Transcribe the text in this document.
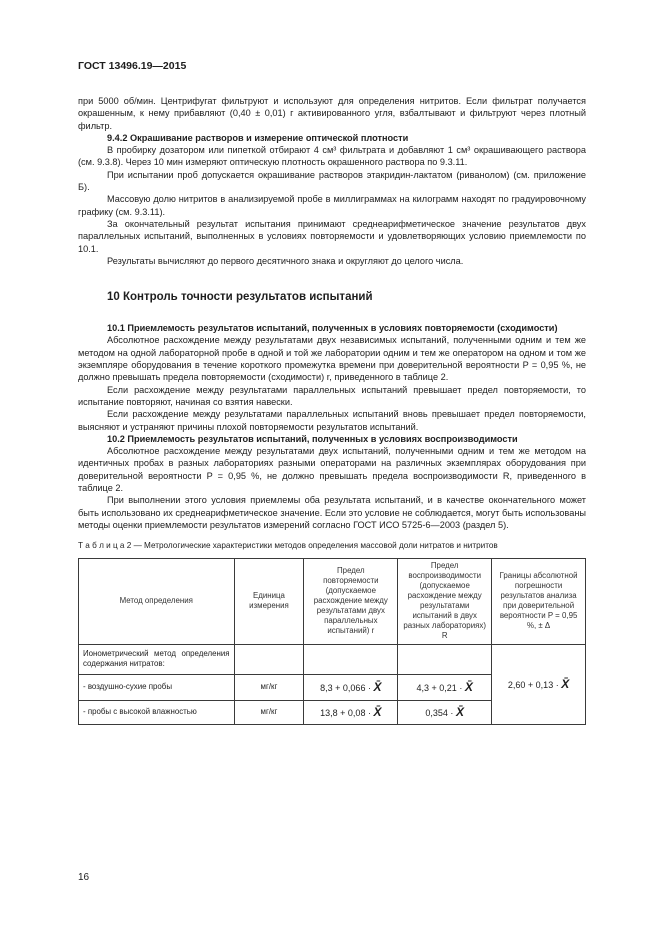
ГОСТ 13496.19—2015

при 5000 об/мин. Центрифугат фильтруют и используют для определения нитритов. Если фильтрат получается окрашенным, к нему прибавляют (0,40 ± 0,01) г активированного угля, взбалтывают и фильтруют через плотный фильтр.

9.4.2 Окрашивание растворов и измерение оптической плотности

В пробирку дозатором или пипеткой отбирают 4 см³ фильтрата и добавляют 1 см³ окрашивающего раствора (см. 9.3.8). Через 10 мин измеряют оптическую плотность окрашенного раствора по 9.3.11.

При испытании проб допускается окрашивание растворов этакридин-лактатом (риванолом) (см. приложение Б).

Массовую долю нитритов в анализируемой пробе в миллиграммах на килограмм находят по градуировочному графику (см. 9.3.11).

За окончательный результат испытания принимают среднеарифметическое значение результатов двух параллельных испытаний, выполненных в условиях повторяемости и удовлетворяющих условию приемлемости по 10.1.

Результаты вычисляют до первого десятичного знака и округляют до целого числа.

10 Контроль точности результатов испытаний

10.1 Приемлемость результатов испытаний, полученных в условиях повторяемости (сходимости)

Абсолютное расхождение между результатами двух независимых испытаний, полученными одним и тем же методом на одной лабораторной пробе в одной и той же лаборатории одним и тем же оператором на одном и том же экземпляре оборудования в течение короткого промежутка времени при доверительной вероятности P = 0,95 %, не должно превышать предела повторяемости (сходимости) r, приведенного в таблице 2.

Если расхождение между результатами параллельных испытаний превышает предел повторяемости, то испытание повторяют, начиная со взятия навески.

Если расхождение между результатами параллельных испытаний вновь превышает предел повторяемости, выясняют и устраняют причины плохой повторяемости результатов испытаний.

10.2 Приемлемость результатов испытаний, полученных в условиях воспроизводимости

Абсолютное расхождение между результатами двух испытаний, полученными одним и тем же методом на идентичных пробах в разных лабораториях разными операторами на различных экземплярах оборудования при доверительной вероятности P = 0,95 %, не должно превышать предела воспроизводимости R, приведенного в таблице 2.

При выполнении этого условия приемлемы оба результата испытаний, и в качестве окончательного может быть использовано их среднеарифметическое значение. Если это условие не соблюдается, могут быть использованы методы оценки приемлемости результатов измерений согласно ГОСТ ИСО 5725-6—2003 (раздел 5).

Т а б л и ц а 2 — Метрологические характеристики методов определения массовой доли нитратов и нитритов
Метод определения	Единица измерения	Предел повторяемости (допускаемое расхождение между результатами двух параллельных испытаний) r	Предел воспроизводимости (допускаемое расхождение между результатами испытаний в двух разных лабораториях) R	Границы абсолютной погрешности результатов анализа при доверительной вероятности P = 0,95 %, ± Δ
Ионометрический метод определения содержания нитратов:				2,60 + 0,13 · X̄
- воздушно-сухие пробы	мг/кг	8,3 + 0,066 · X̄	4,3 + 0,21 · X̄	
- пробы с высокой влажностью	мг/кг	13,8 + 0,08 · X̄	0,354 · X̄	
16
